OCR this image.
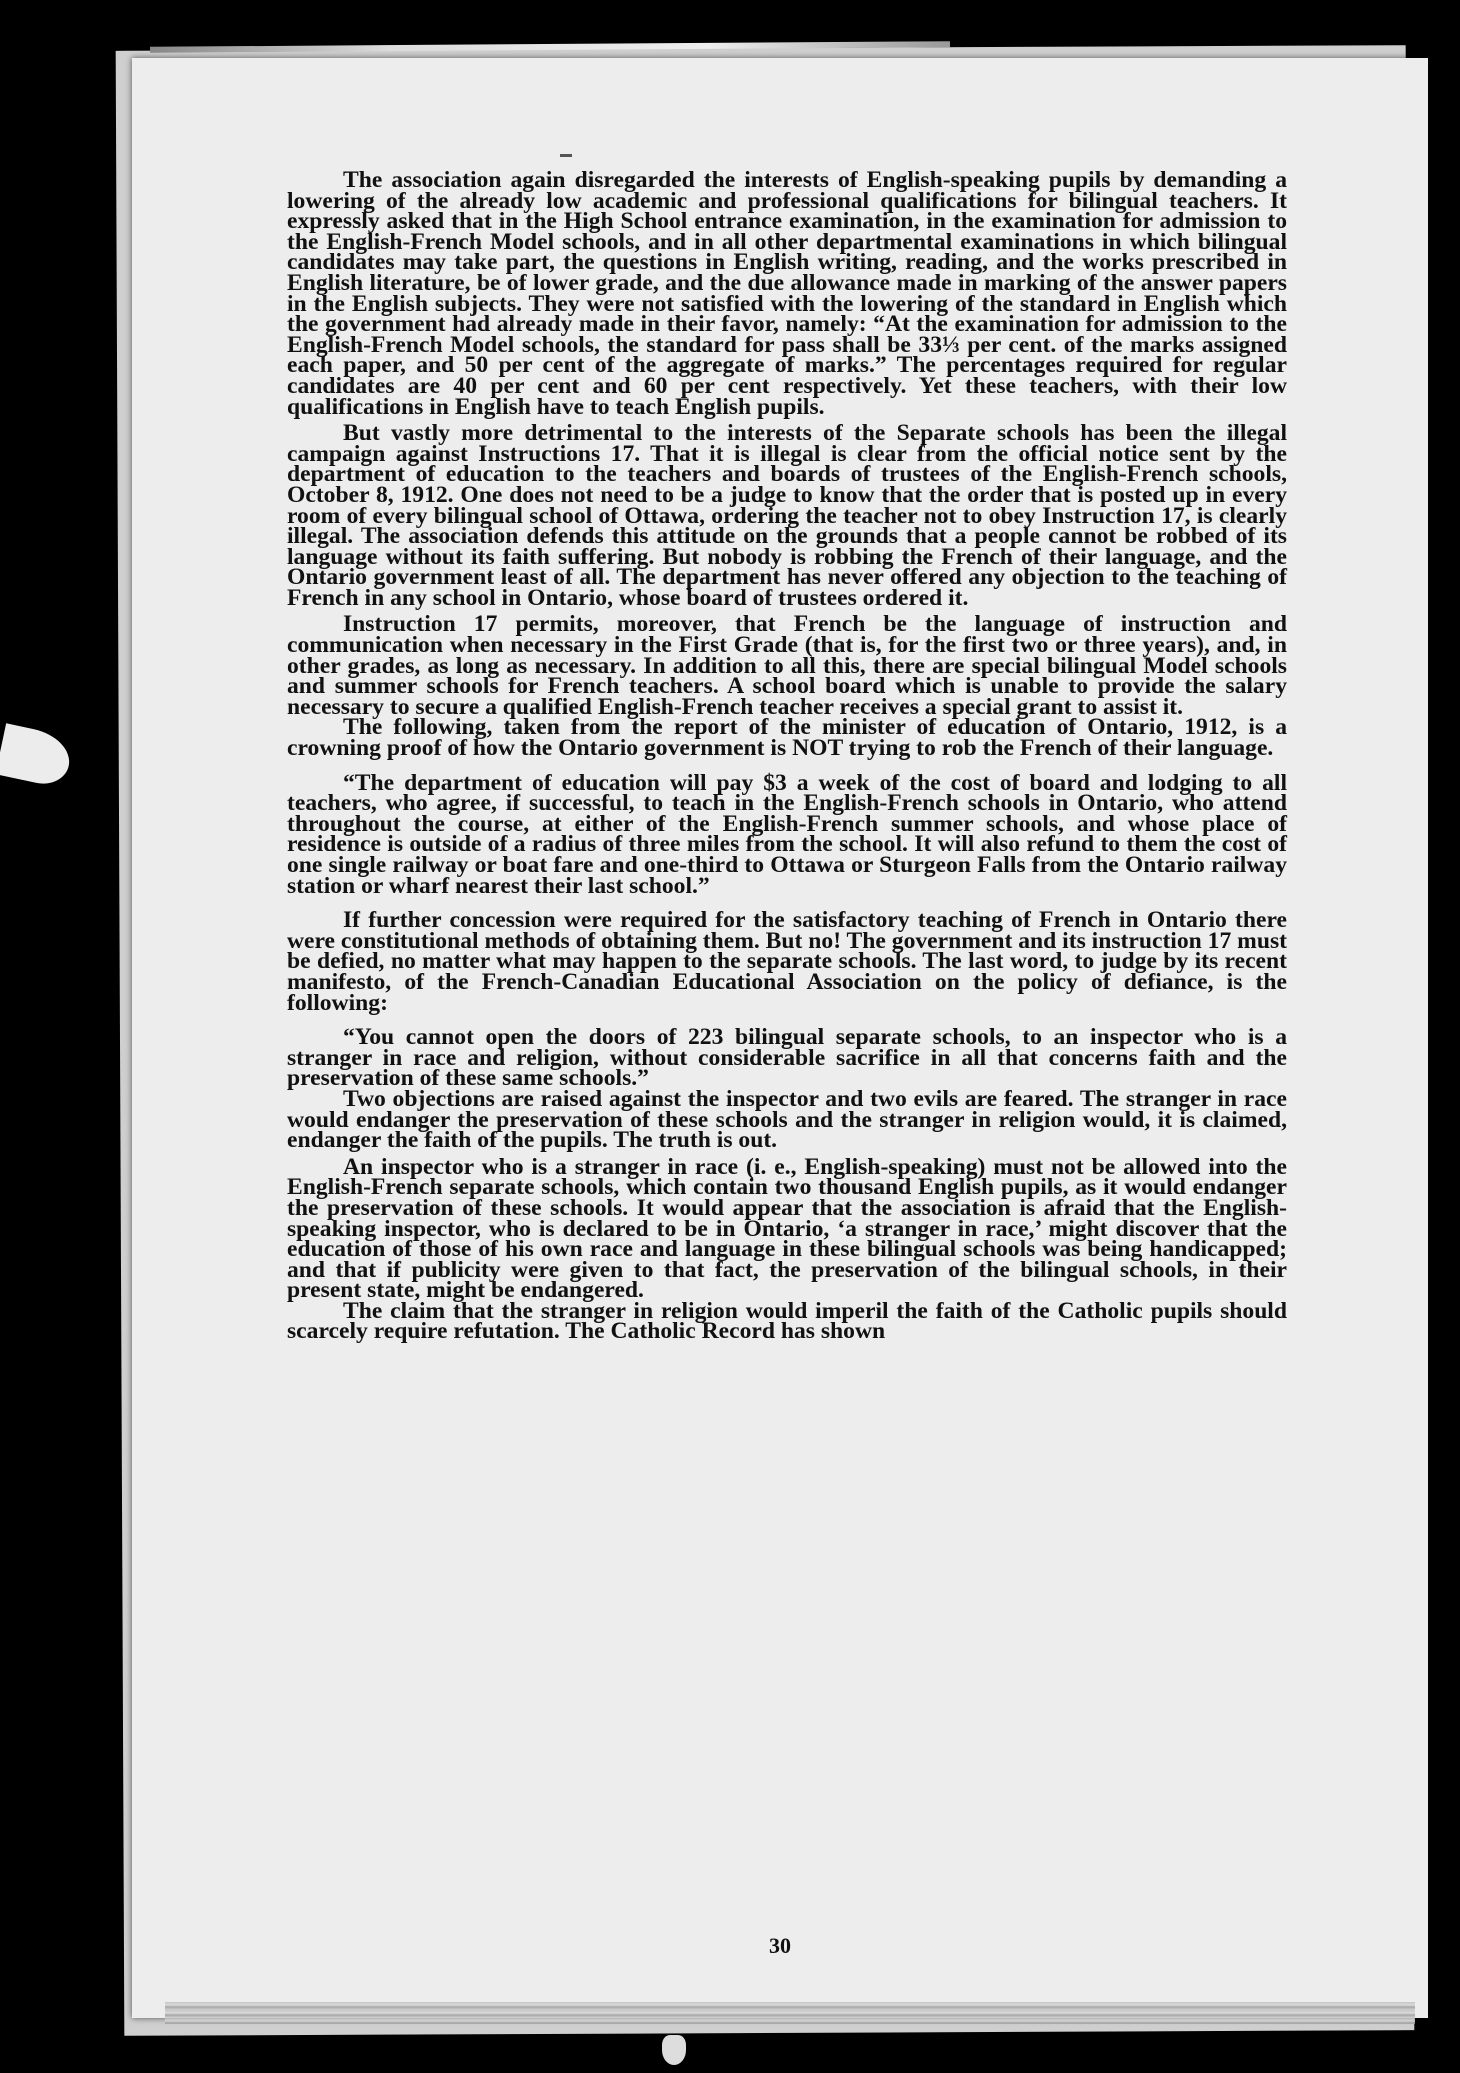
The association again disregarded the interests of English-speaking pupils by demanding a lowering of the already low academic and professional qualifications for bilingual teachers. It expressly asked that in the High School entrance examination, in the examination for admission to the English-French Model schools, and in all other departmental examinations in which bilingual candidates may take part, the questions in English writing, reading, and the works prescribed in English literature, be of lower grade, and the due allowance made in marking of the answer papers in the English subjects. They were not satisfied with the lowering of the standard in English which the government had already made in their favor, namely: “At the examination for admission to the English-French Model schools, the standard for pass shall be 33⅓ per cent. of the marks assigned each paper, and 50 per cent of the aggregate of marks.” The percentages required for regular candidates are 40 per cent and 60 per cent respectively. Yet these teachers, with their low qualifications in English have to teach English pupils.

But vastly more detrimental to the interests of the Separate schools has been the illegal campaign against Instructions 17. That it is illegal is clear from the official notice sent by the department of education to the teachers and boards of trustees of the English-French schools, October 8, 1912. One does not need to be a judge to know that the order that is posted up in every room of every bilingual school of Ottawa, ordering the teacher not to obey Instruction 17, is clearly illegal. The association defends this attitude on the grounds that a people cannot be robbed of its language without its faith suffering. But nobody is robbing the French of their language, and the Ontario government least of all. The department has never offered any objection to the teaching of French in any school in Ontario, whose board of trustees ordered it.

Instruction 17 permits, moreover, that French be the language of instruction and communication when necessary in the First Grade (that is, for the first two or three years), and, in other grades, as long as necessary. In addition to all this, there are special bilingual Model schools and summer schools for French teachers. A school board which is unable to provide the salary necessary to secure a qualified English-French teacher receives a special grant to assist it.

The following, taken from the report of the minister of education of Ontario, 1912, is a crowning proof of how the Ontario government is NOT trying to rob the French of their language.

“The department of education will pay $3 a week of the cost of board and lodging to all teachers, who agree, if successful, to teach in the English-French schools in Ontario, who attend throughout the course, at either of the English-French summer schools, and whose place of residence is outside of a radius of three miles from the school. It will also refund to them the cost of one single railway or boat fare and one-third to Ottawa or Sturgeon Falls from the Ontario railway station or wharf nearest their last school.”

If further concession were required for the satisfactory teaching of French in Ontario there were constitutional methods of obtaining them. But no! The government and its instruction 17 must be defied, no matter what may happen to the separate schools. The last word, to judge by its recent manifesto, of the French-Canadian Educational Association on the policy of defiance, is the following:

“You cannot open the doors of 223 bilingual separate schools, to an inspector who is a stranger in race and religion, without considerable sacrifice in all that concerns faith and the preservation of these same schools.”

Two objections are raised against the inspector and two evils are feared. The stranger in race would endanger the preservation of these schools and the stranger in religion would, it is claimed, endanger the faith of the pupils. The truth is out.

An inspector who is a stranger in race (i. e., English-speaking) must not be allowed into the English-French separate schools, which contain two thousand English pupils, as it would endanger the preservation of these schools. It would appear that the association is afraid that the English-speaking inspector, who is declared to be in Ontario, ‘a stranger in race,’ might discover that the education of those of his own race and language in these bilingual schools was being handicapped; and that if publicity were given to that fact, the preservation of the bilingual schools, in their present state, might be endangered.

The claim that the stranger in religion would imperil the faith of the Catholic pupils should scarcely require refutation. The Catholic Record has shown

30
